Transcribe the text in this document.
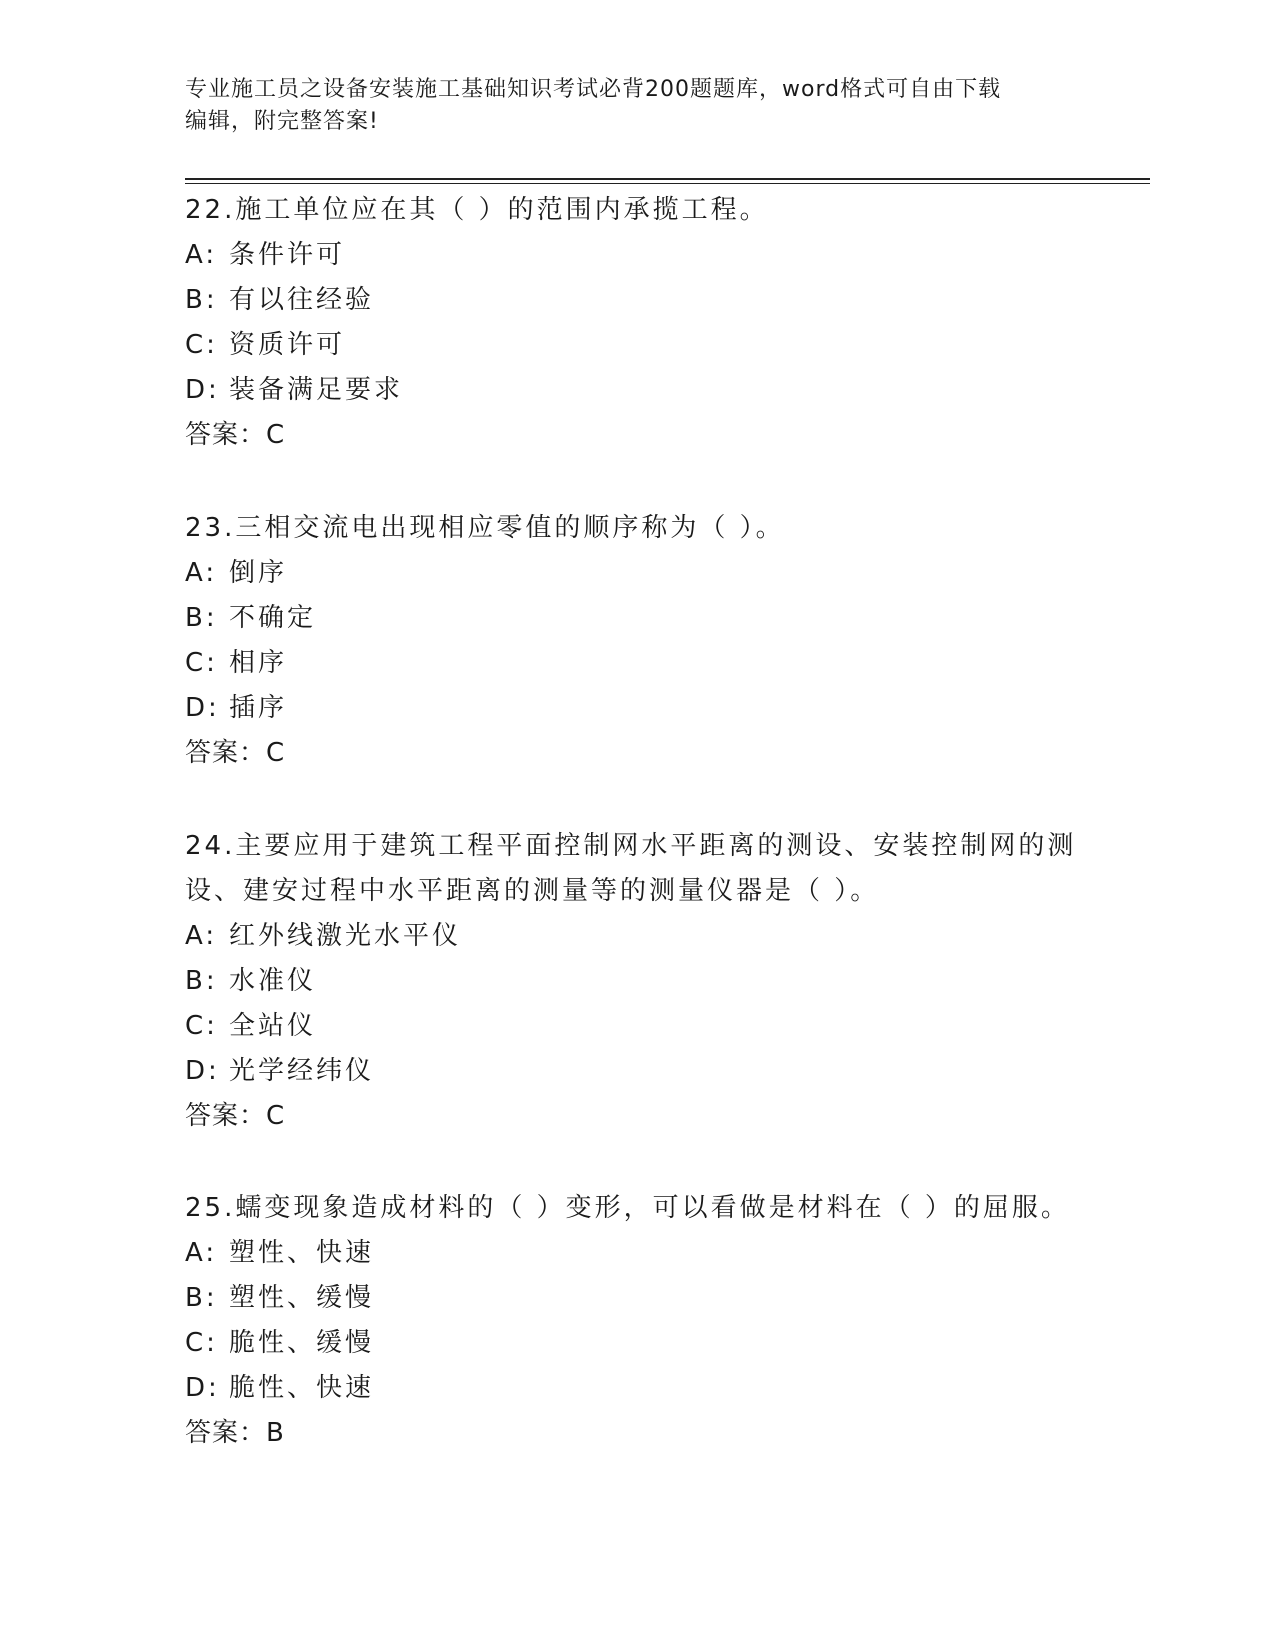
专业施工员之设备安装施工基础知识考试必背200题题库，word格式可自由下载
编辑，附完整答案!

22.施工单位应在其（ ）的范围内承揽工程。

A: 条件许可

B: 有以往经验

C: 资质许可

D: 装备满足要求

答案：C

23.三相交流电出现相应零值的顺序称为（ ）。

A: 倒序

B: 不确定

C: 相序

D: 插序

答案：C

24.主要应用于建筑工程平面控制网水平距离的测设、安装控制网的测

设、建安过程中水平距离的测量等的测量仪器是（ ）。

A: 红外线激光水平仪

B: 水准仪

C: 全站仪

D: 光学经纬仪

答案：C

25.蠕变现象造成材料的（ ）变形，可以看做是材料在（ ）的屈服。

A: 塑性、快速

B: 塑性、缓慢

C: 脆性、缓慢

D: 脆性、快速

答案：B
